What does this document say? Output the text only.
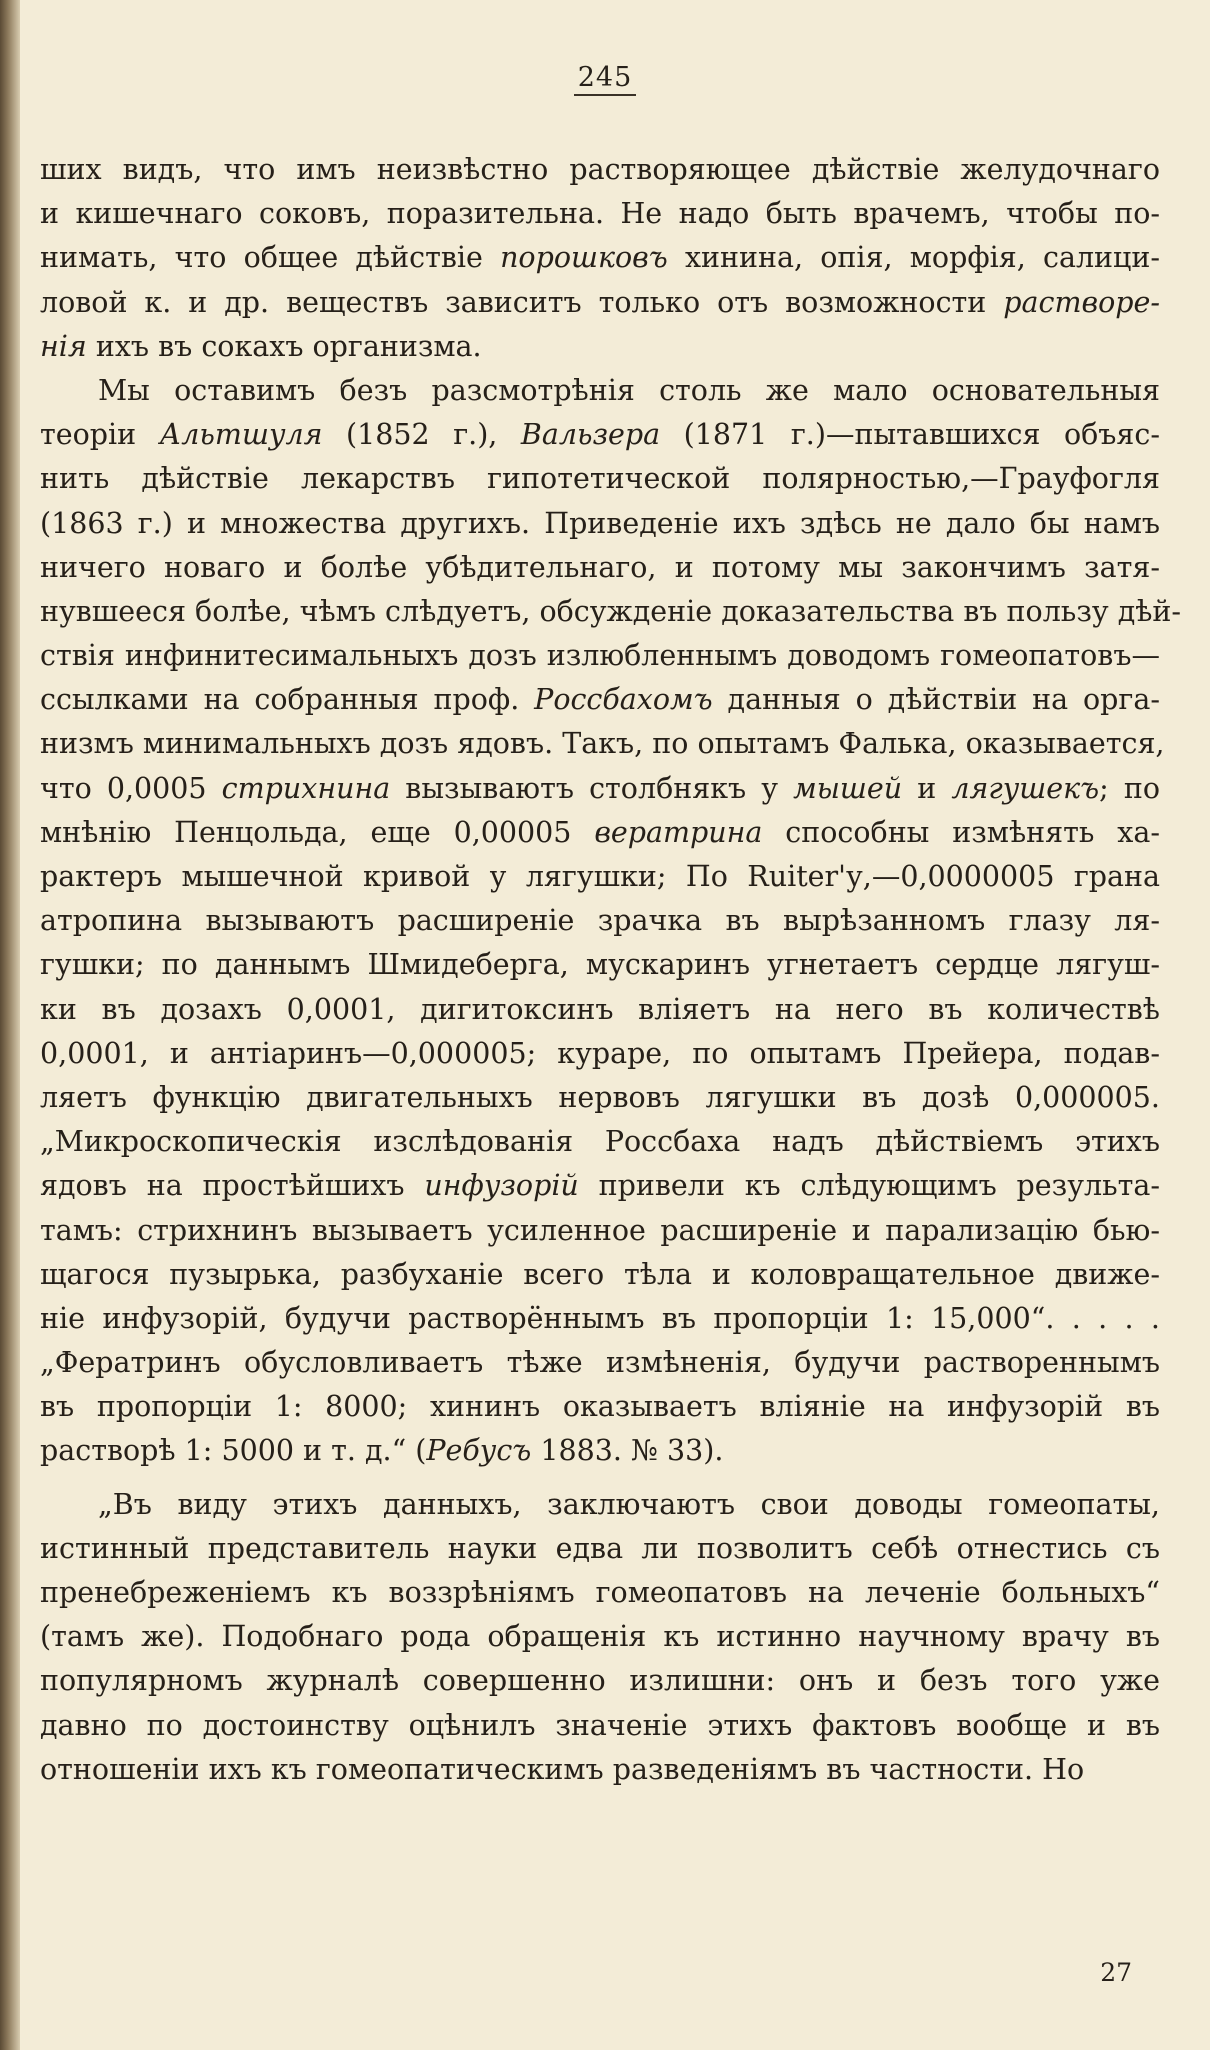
245
ших видъ, что имъ неизвѣстно растворяющее дѣйствіе желудочнаго
и кишечнаго соковъ, поразительна. Не надо быть врачемъ, чтобы по-
нимать, что общее дѣйствіе порошковъ хинина, опія, морфія, салици-
ловой к. и др. веществъ зависитъ только отъ возможности растворе-
нія ихъ въ сокахъ организма.
Мы оставимъ безъ разсмотрѣнія столь же мало основательныя
теоріи Альтшуля (1852 г.), Вальзера (1871 г.)—пытавшихся объяс-
нить дѣйствіе лекарствъ гипотетической полярностью,—Грауфогля
(1863 г.) и множества другихъ. Приведеніе ихъ здѣсь не дало бы намъ
ничего новаго и болѣе убѣдительнаго, и потому мы закончимъ затя-
нувшееся болѣе, чѣмъ слѣдуетъ, обсужденіе доказательства въ пользу дѣй-
ствія инфинитесимальныхъ дозъ излюбленнымъ доводомъ гомеопатовъ—
ссылками на собранныя проф. Россбахомъ данныя о дѣйствіи на орга-
низмъ минимальныхъ дозъ ядовъ. Такъ, по опытамъ Фалька, оказывается,
что 0,0005 стрихнина вызываютъ столбнякъ у мышей и лягушекъ; по
мнѣнію Пенцольда, еще 0,00005 вератрина способны измѣнять ха-
рактеръ мышечной кривой у лягушки; По Ruiter'у,—0,0000005 грана
атропина вызываютъ расширеніе зрачка въ вырѣзанномъ глазу ля-
гушки; по даннымъ Шмидеберга, мускаринъ угнетаетъ сердце лягуш-
ки въ дозахъ 0,0001, дигитоксинъ вліяетъ на него въ количествѣ
0,0001, и антіаринъ—0,000005; кураре, по опытамъ Прейера, подав-
ляетъ функцію двигательныхъ нервовъ лягушки въ дозѣ 0,000005.
„Микроскопическія изслѣдованія Россбаха надъ дѣйствіемъ этихъ
ядовъ на простѣйшихъ инфузорій привели къ слѣдующимъ результа-
тамъ: стрихнинъ вызываетъ усиленное расширеніе и парализацію бью-
щагося пузырька, разбуханіе всего тѣла и коловращательное движе-
ніе инфузорій, будучи растворённымъ въ пропорціи 1: 15,000“. . . . .
„Фератринъ обусловливаетъ тѣже измѣненія, будучи раствореннымъ
въ пропорціи 1: 8000; хининъ оказываетъ вліяніе на инфузорій въ
растворѣ 1: 5000 и т. д.“ (Ребусъ 1883. № 33).
„Въ виду этихъ данныхъ, заключаютъ свои доводы гомеопаты,
истинный представитель науки едва ли позволитъ себѣ отнестись съ
пренебреженіемъ къ воззрѣніямъ гомеопатовъ на леченіе больныхъ“
(тамъ же). Подобнаго рода обращенія къ истинно научному врачу въ
популярномъ журналѣ совершенно излишни: онъ и безъ того уже
давно по достоинству оцѣнилъ значеніе этихъ фактовъ вообще и въ
отношеніи ихъ къ гомеопатическимъ разведеніямъ въ частности. Но
27
